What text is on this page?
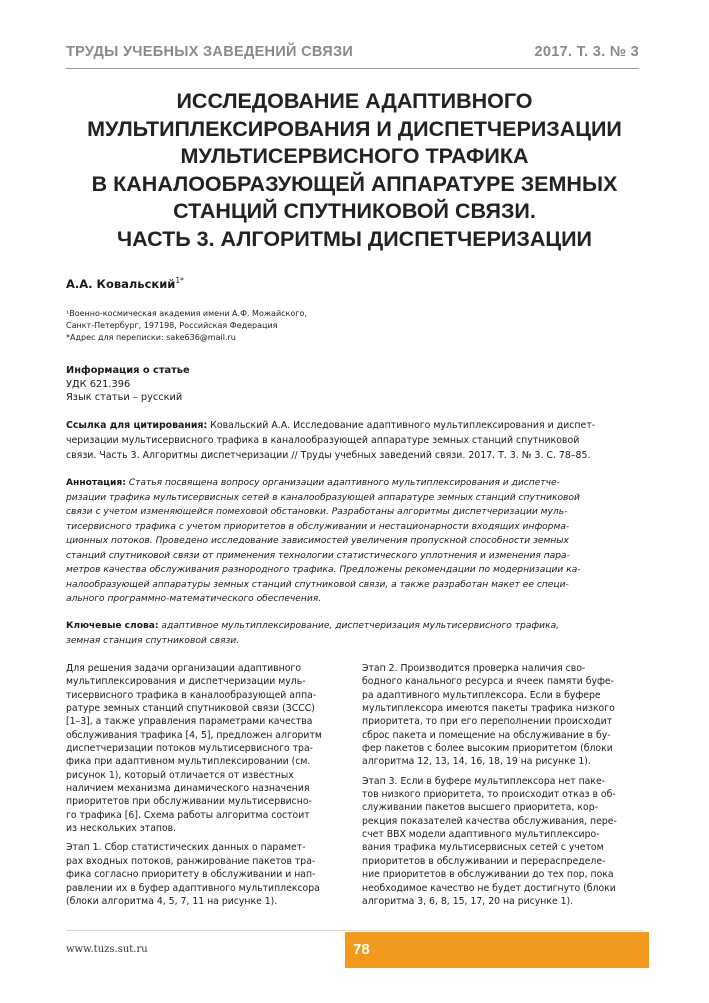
ТРУДЫ УЧЕБНЫХ ЗАВЕДЕНИЙ СВЯЗИ	2017. Т. 3. № 3
ИССЛЕДОВАНИЕ АДАПТИВНОГО
МУЛЬТИПЛЕКСИРОВАНИЯ И ДИСПЕТЧЕРИЗАЦИИ
МУЛЬТИСЕРВИСНОГО ТРАФИКА
В КАНАЛООБРАЗУЮЩЕЙ АППАРАТУРЕ ЗЕМНЫХ
СТАНЦИЙ СПУТНИКОВОЙ СВЯЗИ.
ЧАСТЬ 3. АЛГОРИТМЫ ДИСПЕТЧЕРИЗАЦИИ
А.А. Ковальский$^{1*}$
¹Военно-космическая академия имени А.Ф. Можайского,
Санкт-Петербург, 197198, Российская Федерация
*Адрес для переписки: sake636@mail.ru
Информация о статье
УДК 621.396
Язык статьи – русский
Ссылка для цитирования: Ковальский А.А. Исследование адаптивного мультиплексирования и диспет-
черизации мультисервисного трафика в каналообразующей аппаратуре земных станций спутниковой
связи. Часть 3. Алгоритмы диспетчеризации // Труды учебных заведений связи. 2017. Т. 3. № 3. С. 78–85.
Аннотация: Статья посвящена вопросу организации адаптивного мультиплексирования и диспетче-
ризации трафика мультисервисных сетей в каналообразующей аппаратуре земных станций спутниковой
связи с учетом изменяющейся помеховой обстановки. Разработаны алгоритмы диспетчеризации муль-
тисервисного трафика с учетом приоритетов в обслуживании и нестационарности входящих информа-
ционных потоков. Проведено исследование зависимостей увеличения пропускной способности земных
станций спутниковой связи от применения технологии статистического уплотнения и изменения пара-
метров качества обслуживания разнородного трафика. Предложены рекомендации по модернизации ка-
налообразующей аппаратуры земных станций спутниковой связи, а также разработан макет ее специ-
ального программно-математического обеспечения.
Ключевые слова: адаптивное мультиплексирование, диспетчеризация мультисервисного трафика,
земная станция спутниковой связи.
Для решения задачи организации адаптивного
мультиплексирования и диспетчеризации муль-
тисервисного трафика в каналообразующей аппа-
ратуре земных станций спутниковой связи (ЗССС)
[1–3], а также управления параметрами качества
обслуживания трафика [4, 5], предложен алгоритм
диспетчеризации потоков мультисервисного тра-
фика при адаптивном мультиплексировании (см.
рисунок 1), который отличается от известных
наличием механизма динамического назначения
приоритетов при обслуживании мультисервисно-
го трафика [6]. Схема работы алгоритма состоит
из нескольких этапов.
Этап 1. Сбор статистических данных о парамет-
рах входных потоков, ранжирование пакетов тра-
фика согласно приоритету в обслуживании и нап-
равлении их в буфер адаптивного мультиплексора
(блоки алгоритма 4, 5, 7, 11 на рисунке 1).
Этап 2. Производится проверка наличия сво-
бодного канального ресурса и ячеек памяти буфе-
ра адаптивного мультиплексора. Если в буфере
мультиплексора имеются пакеты трафика низкого
приоритета, то при его переполнении происходит
сброс пакета и помещение на обслуживание в бу-
фер пакетов с более высоким приоритетом (блоки
алгоритма 12, 13, 14, 16, 18, 19 на рисунке 1).
Этап 3. Если в буфере мультиплексора нет паке-
тов низкого приоритета, то происходит отказ в об-
служивании пакетов высшего приоритета, кор-
рекция показателей качества обслуживания, пере-
счет ВВХ модели адаптивного мультиплексиро-
вания трафика мультисервисных сетей с учетом
приоритетов в обслуживании и перераспределе-
ние приоритетов в обслуживании до тех пор, пока
необходимое качество не будет достигнуто (блоки
алгоритма 3, 6, 8, 15, 17, 20 на рисунке 1).
www.tuzs.sut.ru	78
